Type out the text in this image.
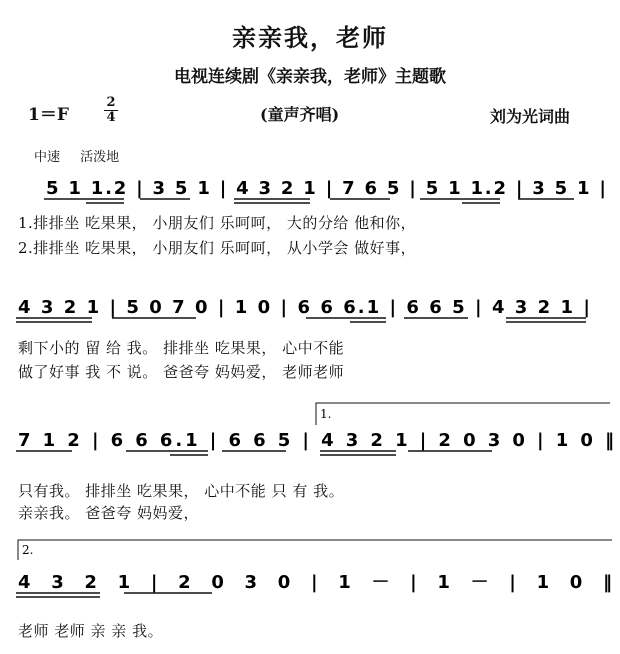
亲亲我，老师
电视连续剧《亲亲我，老师》主题歌
1＝F
2
4	(童声齐唱)	刘为光词曲
中速 活泼地
5 1 1.2 | 3 5 1 | 4 3 2 1 | 7 6 5 | 5 1 1.2 | 3 5 1 |
4 3 2 1 | 5 0 7 0 | 1 0 | 6 6 6.1 | 6 6 5 | 4 3 2 1 |
1.
7 1 2 | 6 6 6.1 | 6 6 5 | 4 3 2 1 | 2 0 3 0 | 1 0 ‖
2.
4 3 2 1 | 2 0 3 0 | 1 － | 1 － | 1 0 ‖
1.排排坐 吃果果， 小朋友们 乐呵呵， 大的分给 他和你，
2.排排坐 吃果果， 小朋友们 乐呵呵， 从小学会 做好事，
剩下小的 留 给 我。 排排坐 吃果果， 心中不能
做了好事 我 不 说。 爸爸夸 妈妈爱， 老师老师
只有我。 排排坐 吃果果， 心中不能 只 有 我。
亲亲我。 爸爸夸 妈妈爱，
老师 老师 亲 亲 我。
